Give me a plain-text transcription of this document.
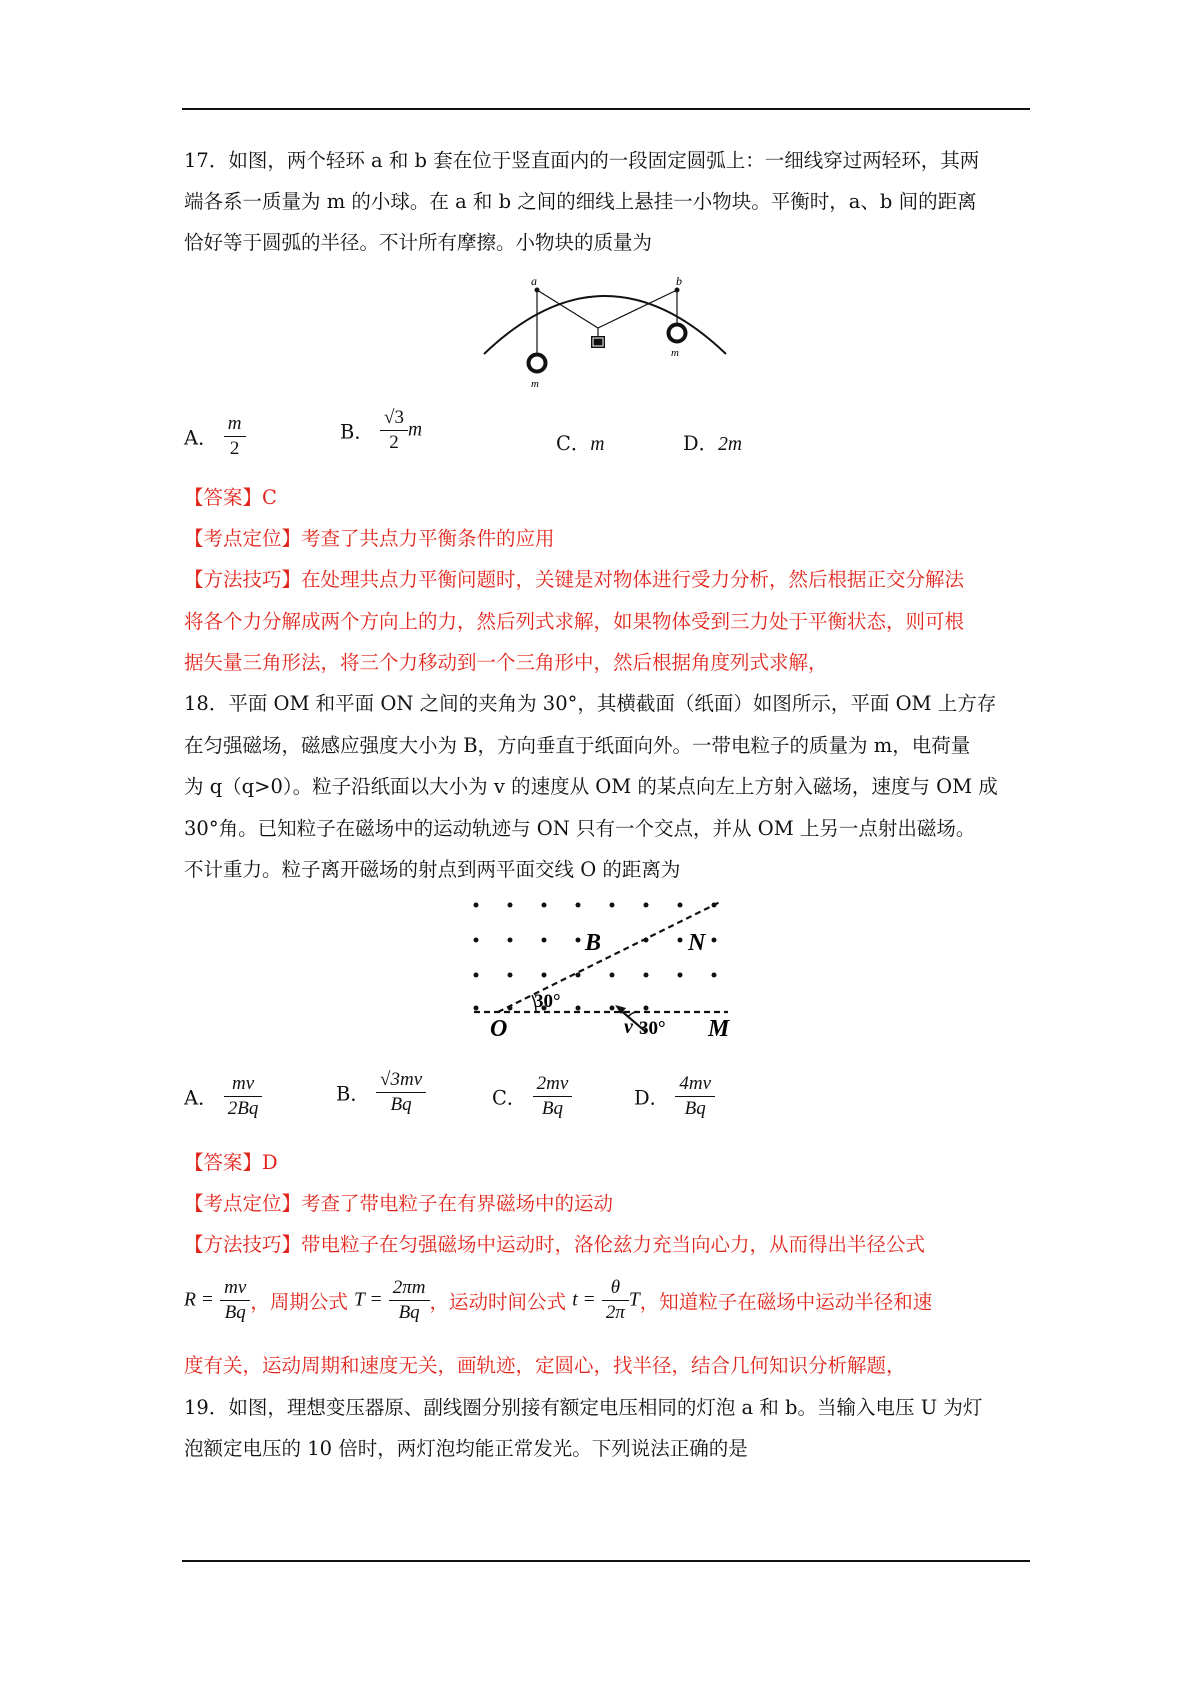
17．如图，两个轻环 a 和 b 套在位于竖直面内的一段固定圆弧上：一细线穿过两轻环，其两
端各系一质量为 m 的小球。在 a 和 b 之间的细线上悬挂一小物块。平衡时，a、b 间的距离
恰好等于圆弧的半径。不计所有摩擦。小物块的质量为
a	b
m
m
A． $\frac{m}{2}$	B． $\frac{√3}{2}$ m
C．m	D．2m
【答案】C
【考点定位】考查了共点力平衡条件的应用
【方法技巧】在处理共点力平衡问题时，关键是对物体进行受力分析，然后根据正交分解法
将各个力分解成两个方向上的力，然后列式求解，如果物体受到三力处于平衡状态，则可根
据矢量三角形法，将三个力移动到一个三角形中，然后根据角度列式求解，
18．平面 OM 和平面 ON 之间的夹角为 30°，其横截面（纸面）如图所示，平面 OM 上方存
在匀强磁场，磁感应强度大小为 B，方向垂直于纸面向外。一带电粒子的质量为 m，电荷量
为 q（q>0）。粒子沿纸面以大小为 v 的速度从 OM 的某点向左上方射入磁场，速度与 OM 成
30°角。已知粒子在磁场中的运动轨迹与 ON 只有一个交点，并从 OM 上另一点射出磁场。
不计重力。粒子离开磁场的射点到两平面交线 O 的距离为
B	N
30°
O	v 30° M
A． $\frac{mv}{2Bq}$	B． $\frac{√3mv}{Bq}$	C． $\frac{2mv}{Bq}$	D． $\frac{4mv}{Bq}$
【答案】D
【考点定位】考查了带电粒子在有界磁场中的运动
【方法技巧】带电粒子在匀强磁场中运动时，洛伦兹力充当向心力，从而得出半径公式
$R = \frac{mv}{Bq}$ ，周期公式 $T = \frac{2\pi m}{Bq}$ ，运动时间公式 $t = \frac{\theta}{2\pi}$ T，知道粒子在磁场中运动半径和速
度有关，运动周期和速度无关，画轨迹，定圆心，找半径，结合几何知识分析解题，
19．如图，理想变压器原、副线圈分别接有额定电压相同的灯泡 a 和 b。当输入电压 U 为灯
泡额定电压的 10 倍时，两灯泡均能正常发光。下列说法正确的是
